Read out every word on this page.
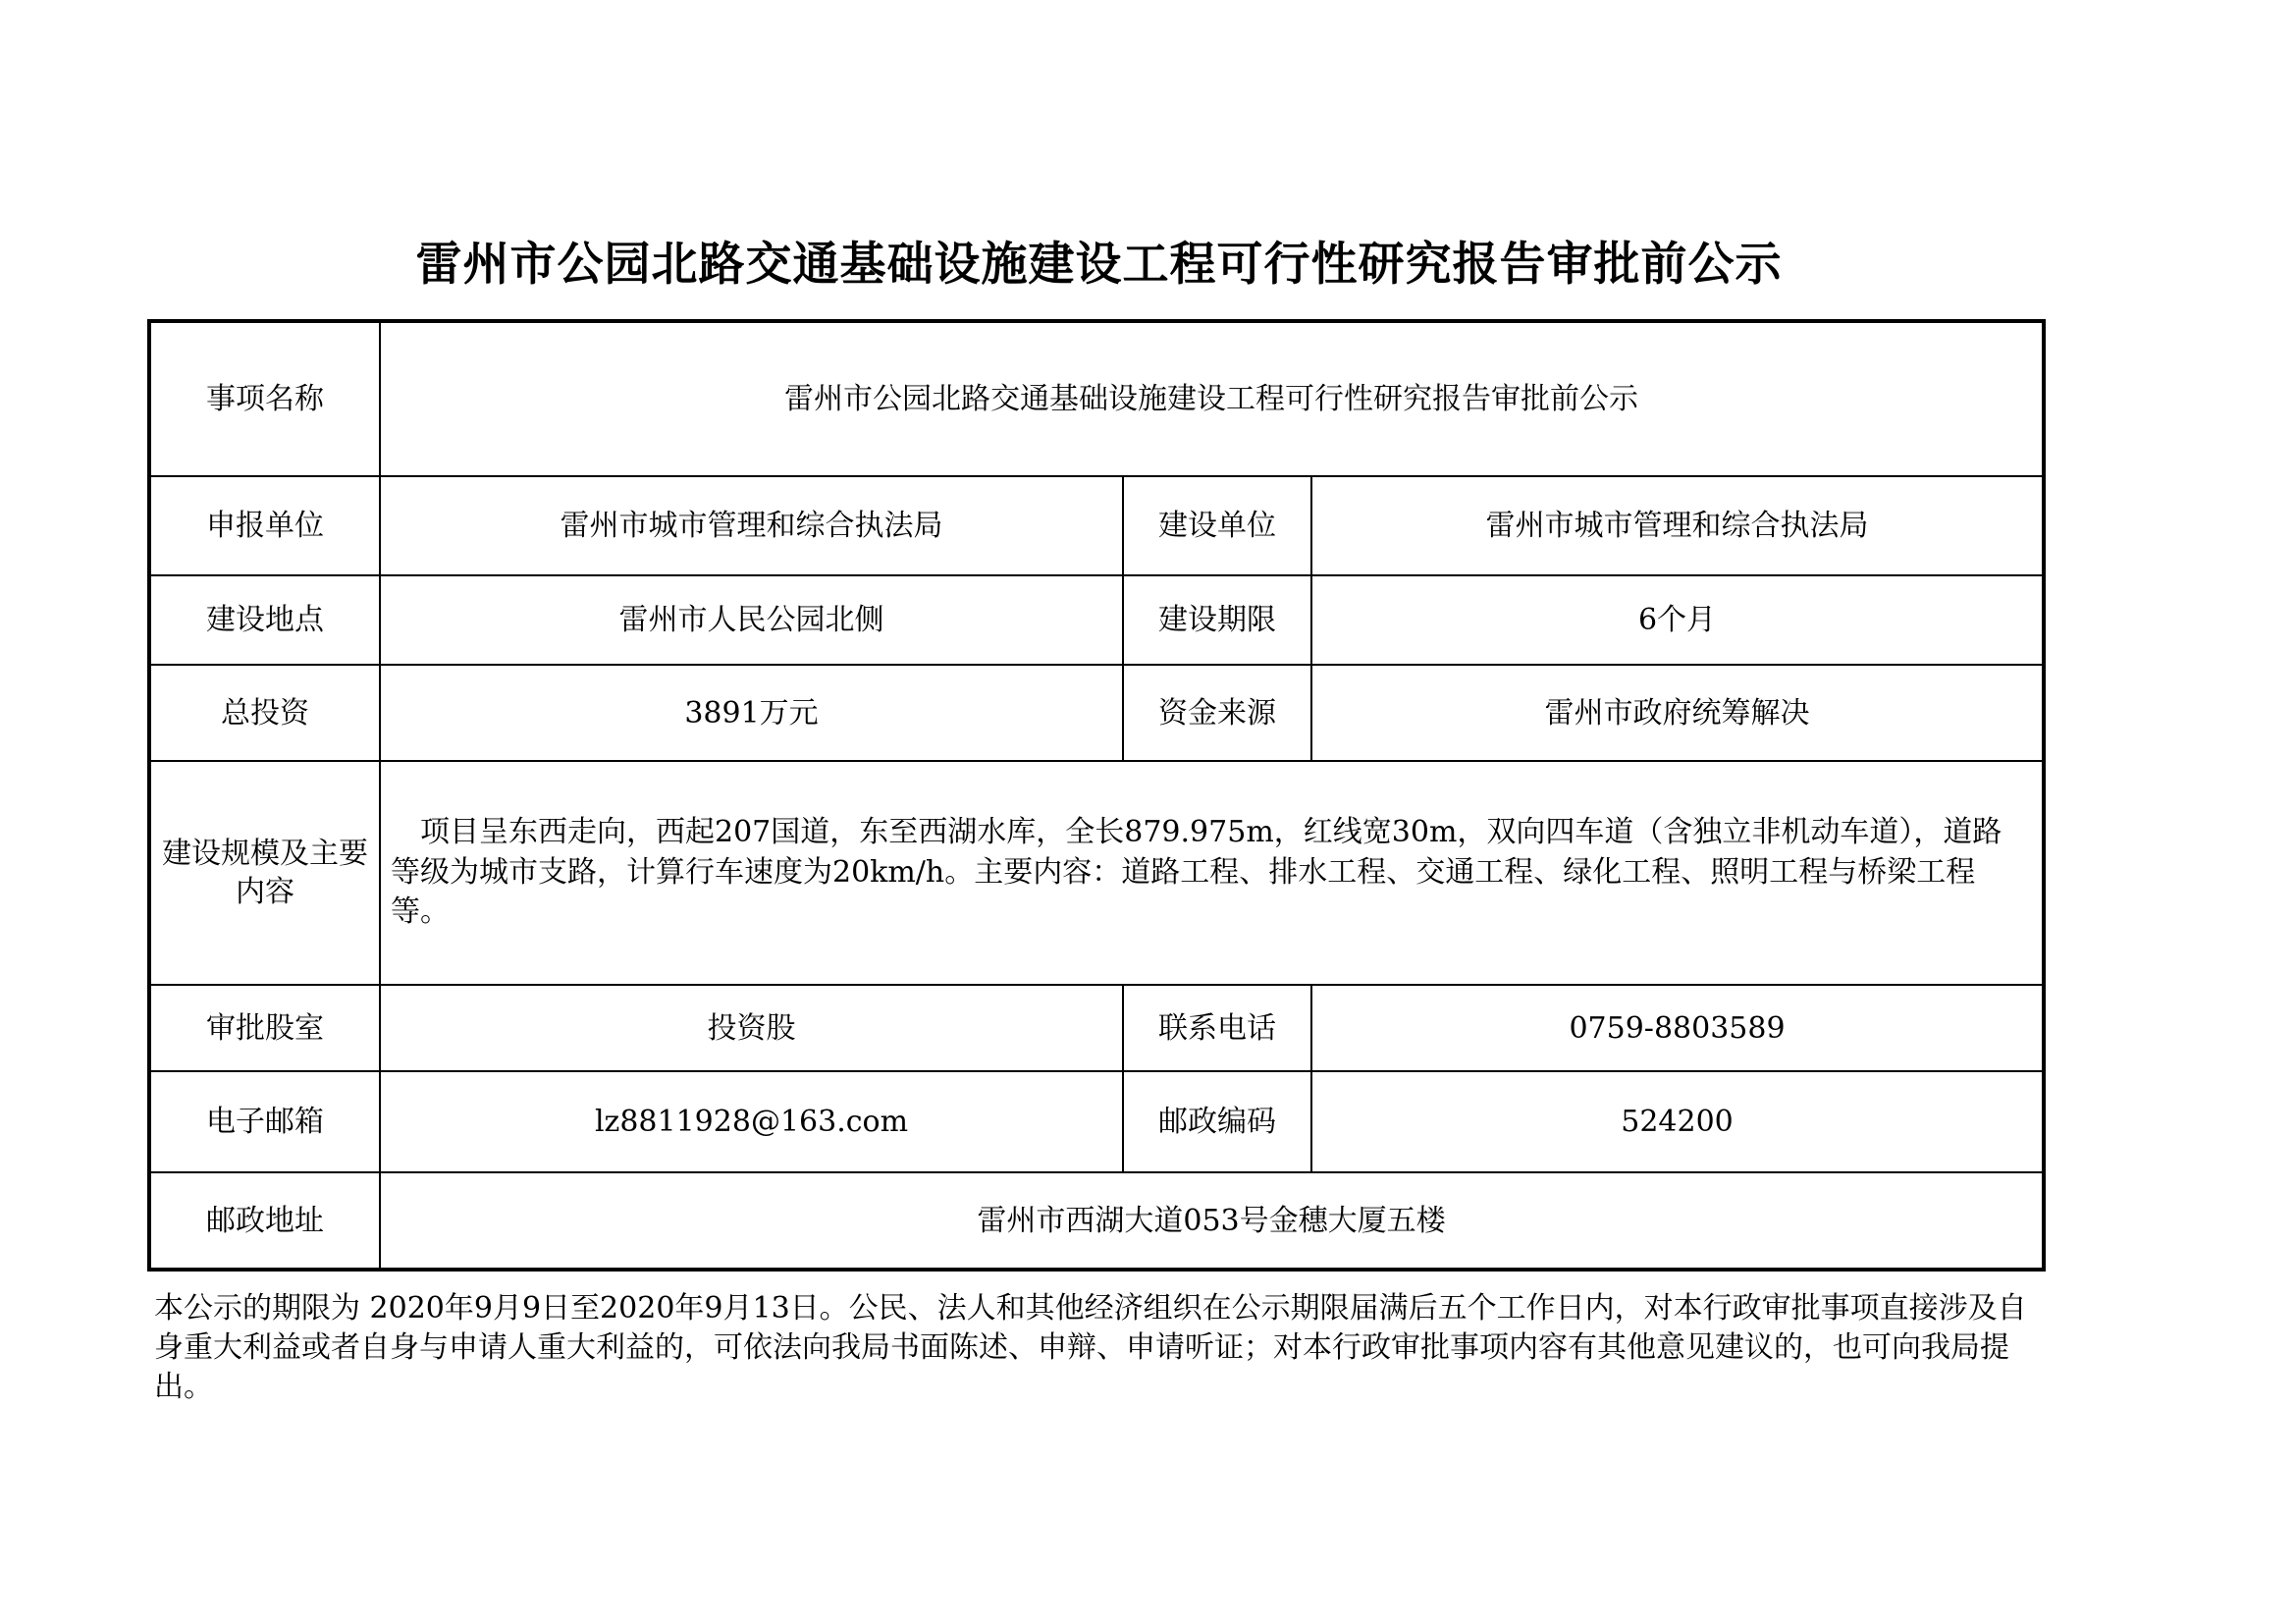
雷州市公园北路交通基础设施建设工程可行性研究报告审批前公示
事项名称	雷州市公园北路交通基础设施建设工程可行性研究报告审批前公示		
申报单位	雷州市城市管理和综合执法局	建设单位	雷州市城市管理和综合执法局
建设地点	雷州市人民公园北侧	建设期限	6个月
总投资	3891万元	资金来源	雷州市政府统筹解决
建设规模及主要内容	　项目呈东西走向，西起207国道，东至西湖水库，全长879.975m，红线宽30m，双向四车道（含独立非机动车道），道路等级为城市支路，计算行车速度为20km/h。主要内容：道路工程、排水工程、交通工程、绿化工程、照明工程与桥梁工程等。		
审批股室	投资股	联系电话	0759-8803589
电子邮箱	lz8811928@163.com	邮政编码	524200
邮政地址	雷州市西湖大道053号金穗大厦五楼		
本公示的期限为 2020年9月9日至2020年9月13日。公民、法人和其他经济组织在公示期限届满后五个工作日内，对本行政审批事项直接涉及自身重大利益或者自身与申请人重大利益的，可依法向我局书面陈述、申辩、申请听证；对本行政审批事项内容有其他意见建议的，也可向我局提出。
